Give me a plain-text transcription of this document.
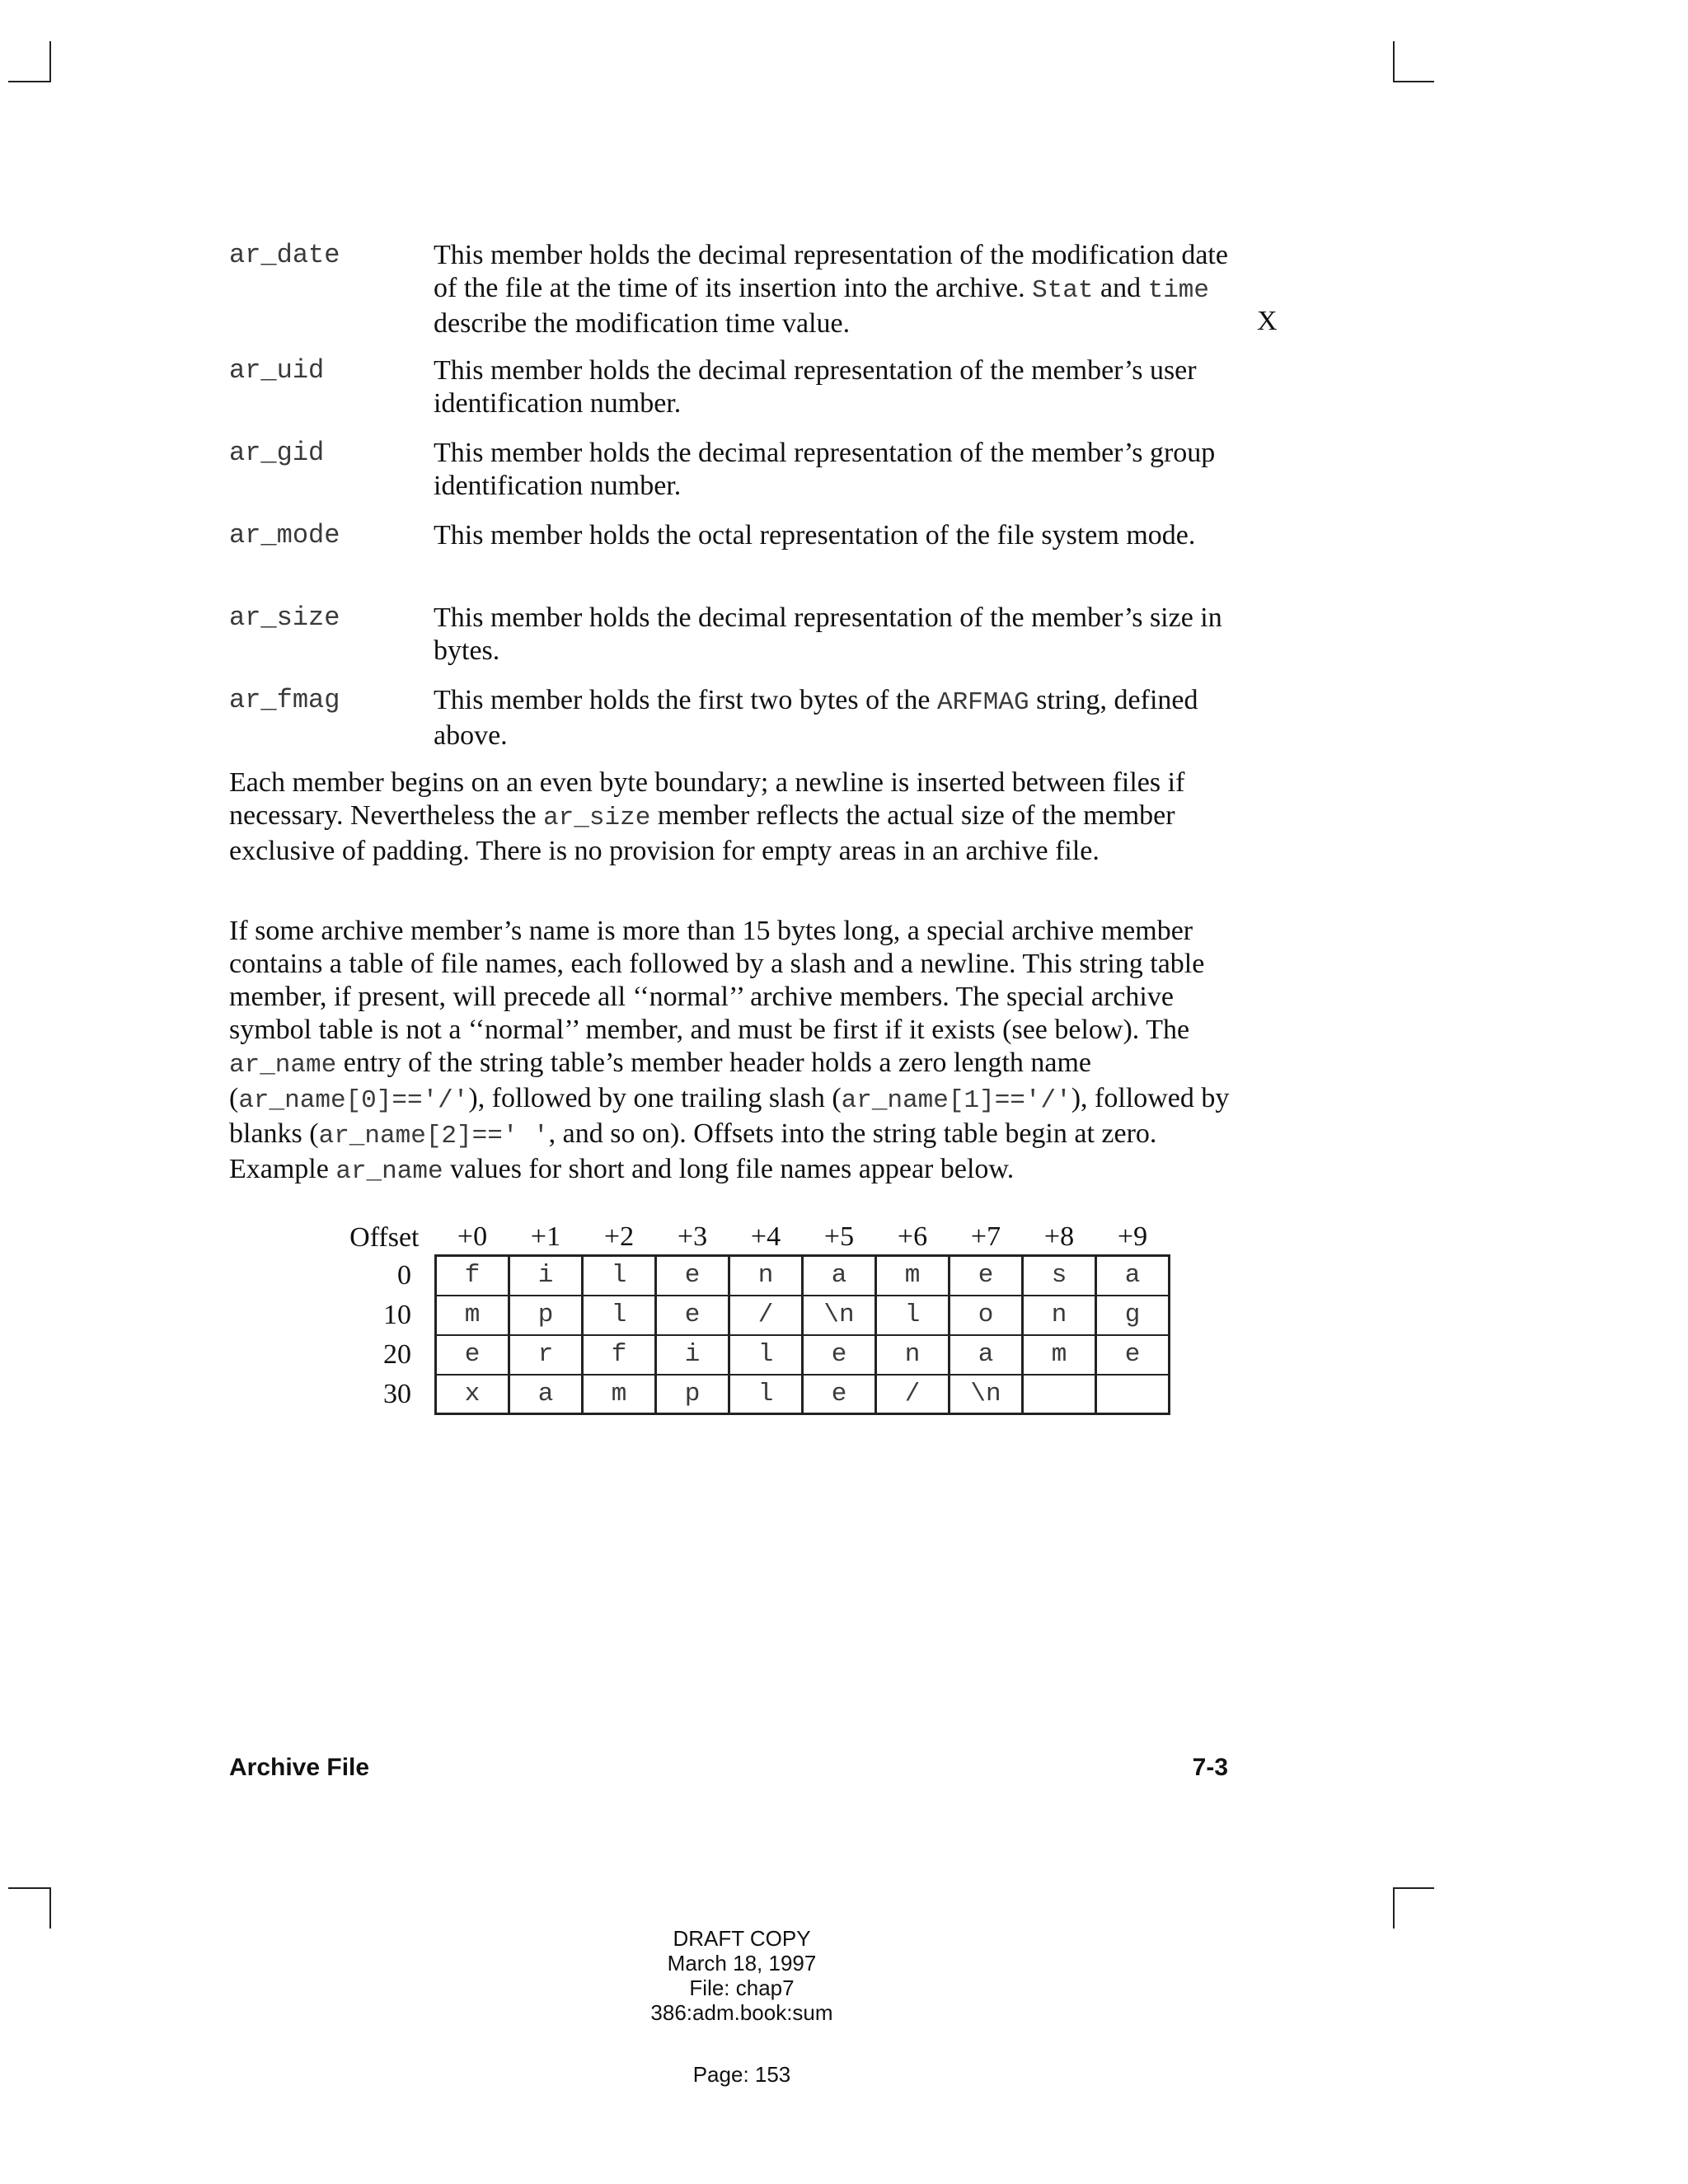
ar_date	This member holds the decimal representation of the modification date of the file at the time of its insertion into the archive. Stat and time describe the modification time value.	X
ar_uid	This member holds the decimal representation of the member’s user identification number.
ar_gid	This member holds the decimal representation of the member’s group identification number.
ar_mode	This member holds the octal representation of the file system mode.
ar_size	This member holds the decimal representation of the member’s size in bytes.
ar_fmag	This member holds the first two bytes of the ARFMAG string, defined above.

Each member begins on an even byte boundary; a newline is inserted between files if necessary. Nevertheless the ar_size member reflects the actual size of the member exclusive of padding. There is no provision for empty areas in an archive file.

If some archive member’s name is more than 15 bytes long, a special archive member contains a table of file names, each followed by a slash and a newline. This string table member, if present, will precede all ‘‘normal’’ archive members. The special archive symbol table is not a ‘‘normal’’ member, and must be first if it exists (see below). The ar_name entry of the string table’s member header holds a zero length name (ar_name[0]=='/'), followed by one trailing slash (ar_name[1]=='/'), followed by blanks (ar_name[2]==' ', and so on). Offsets into the string table begin at zero. Example ar_name values for short and long file names appear below.

Offset	+0	+1	+2	+3	+4	+5	+6	+7	+8	+9
0	f	i	l	e	n	a	m	e	s	a
10	m	p	l	e	/	\n	l	o	n	g
20	e	r	f	i	l	e	n	a	m	e
30	x	a	m	p	l	e	/	\n		
Archive File	7-3
DRAFT COPY
March 18, 1997
File: chap7
386:adm.book:sum
Page: 153
